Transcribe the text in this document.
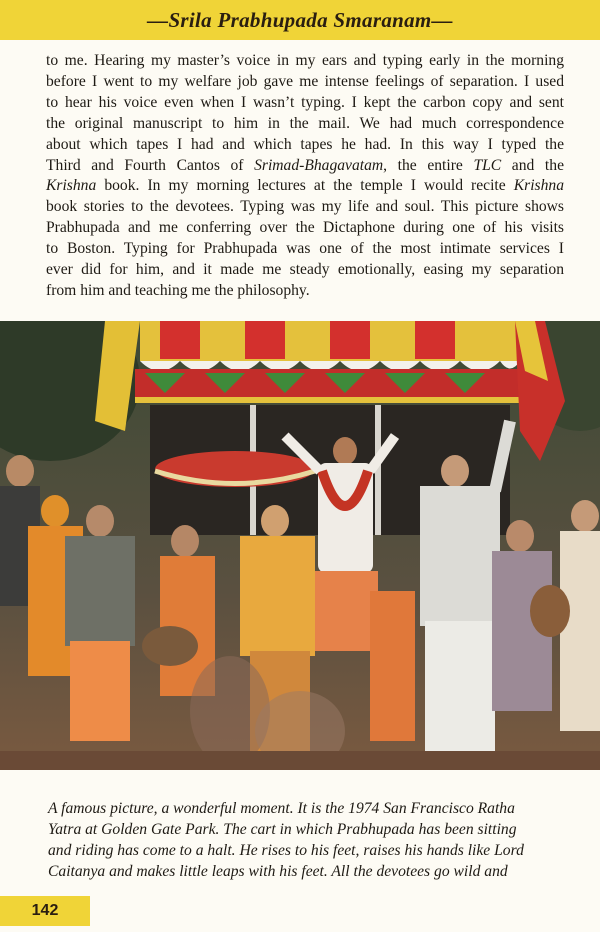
—Srila Prabhupada Smaranam—
to me. Hearing my master’s voice in my ears and typing early in the morning
before I went to my welfare job gave me intense feelings of separation. I used
to hear his voice even when I wasn’t typing. I kept the carbon copy and sent
the original manuscript to him in the mail. We had much correspondence
about which tapes I had and which tapes he had. In this way I typed the
Third and Fourth Cantos of Srimad-Bhagavatam, the entire TLC and the
Krishna book. In my morning lectures at the temple I would recite Krishna
book stories to the devotees. Typing was my life and soul. This picture shows
Prabhupada and me conferring over the Dictaphone during one of his visits
to Boston. Typing for Prabhupada was one of the most intimate services I
ever did for him, and it made me steady emotionally, easing my separation
from him and teaching me the philosophy.
A famous picture, a wonderful moment. It is the 1974 San Francisco Ratha
Yatra at Golden Gate Park. The cart in which Prabhupada has been sitting
and riding has come to a halt. He rises to his feet, raises his hands like Lord
Caitanya and makes little leaps with his feet. All the devotees go wild and
142
